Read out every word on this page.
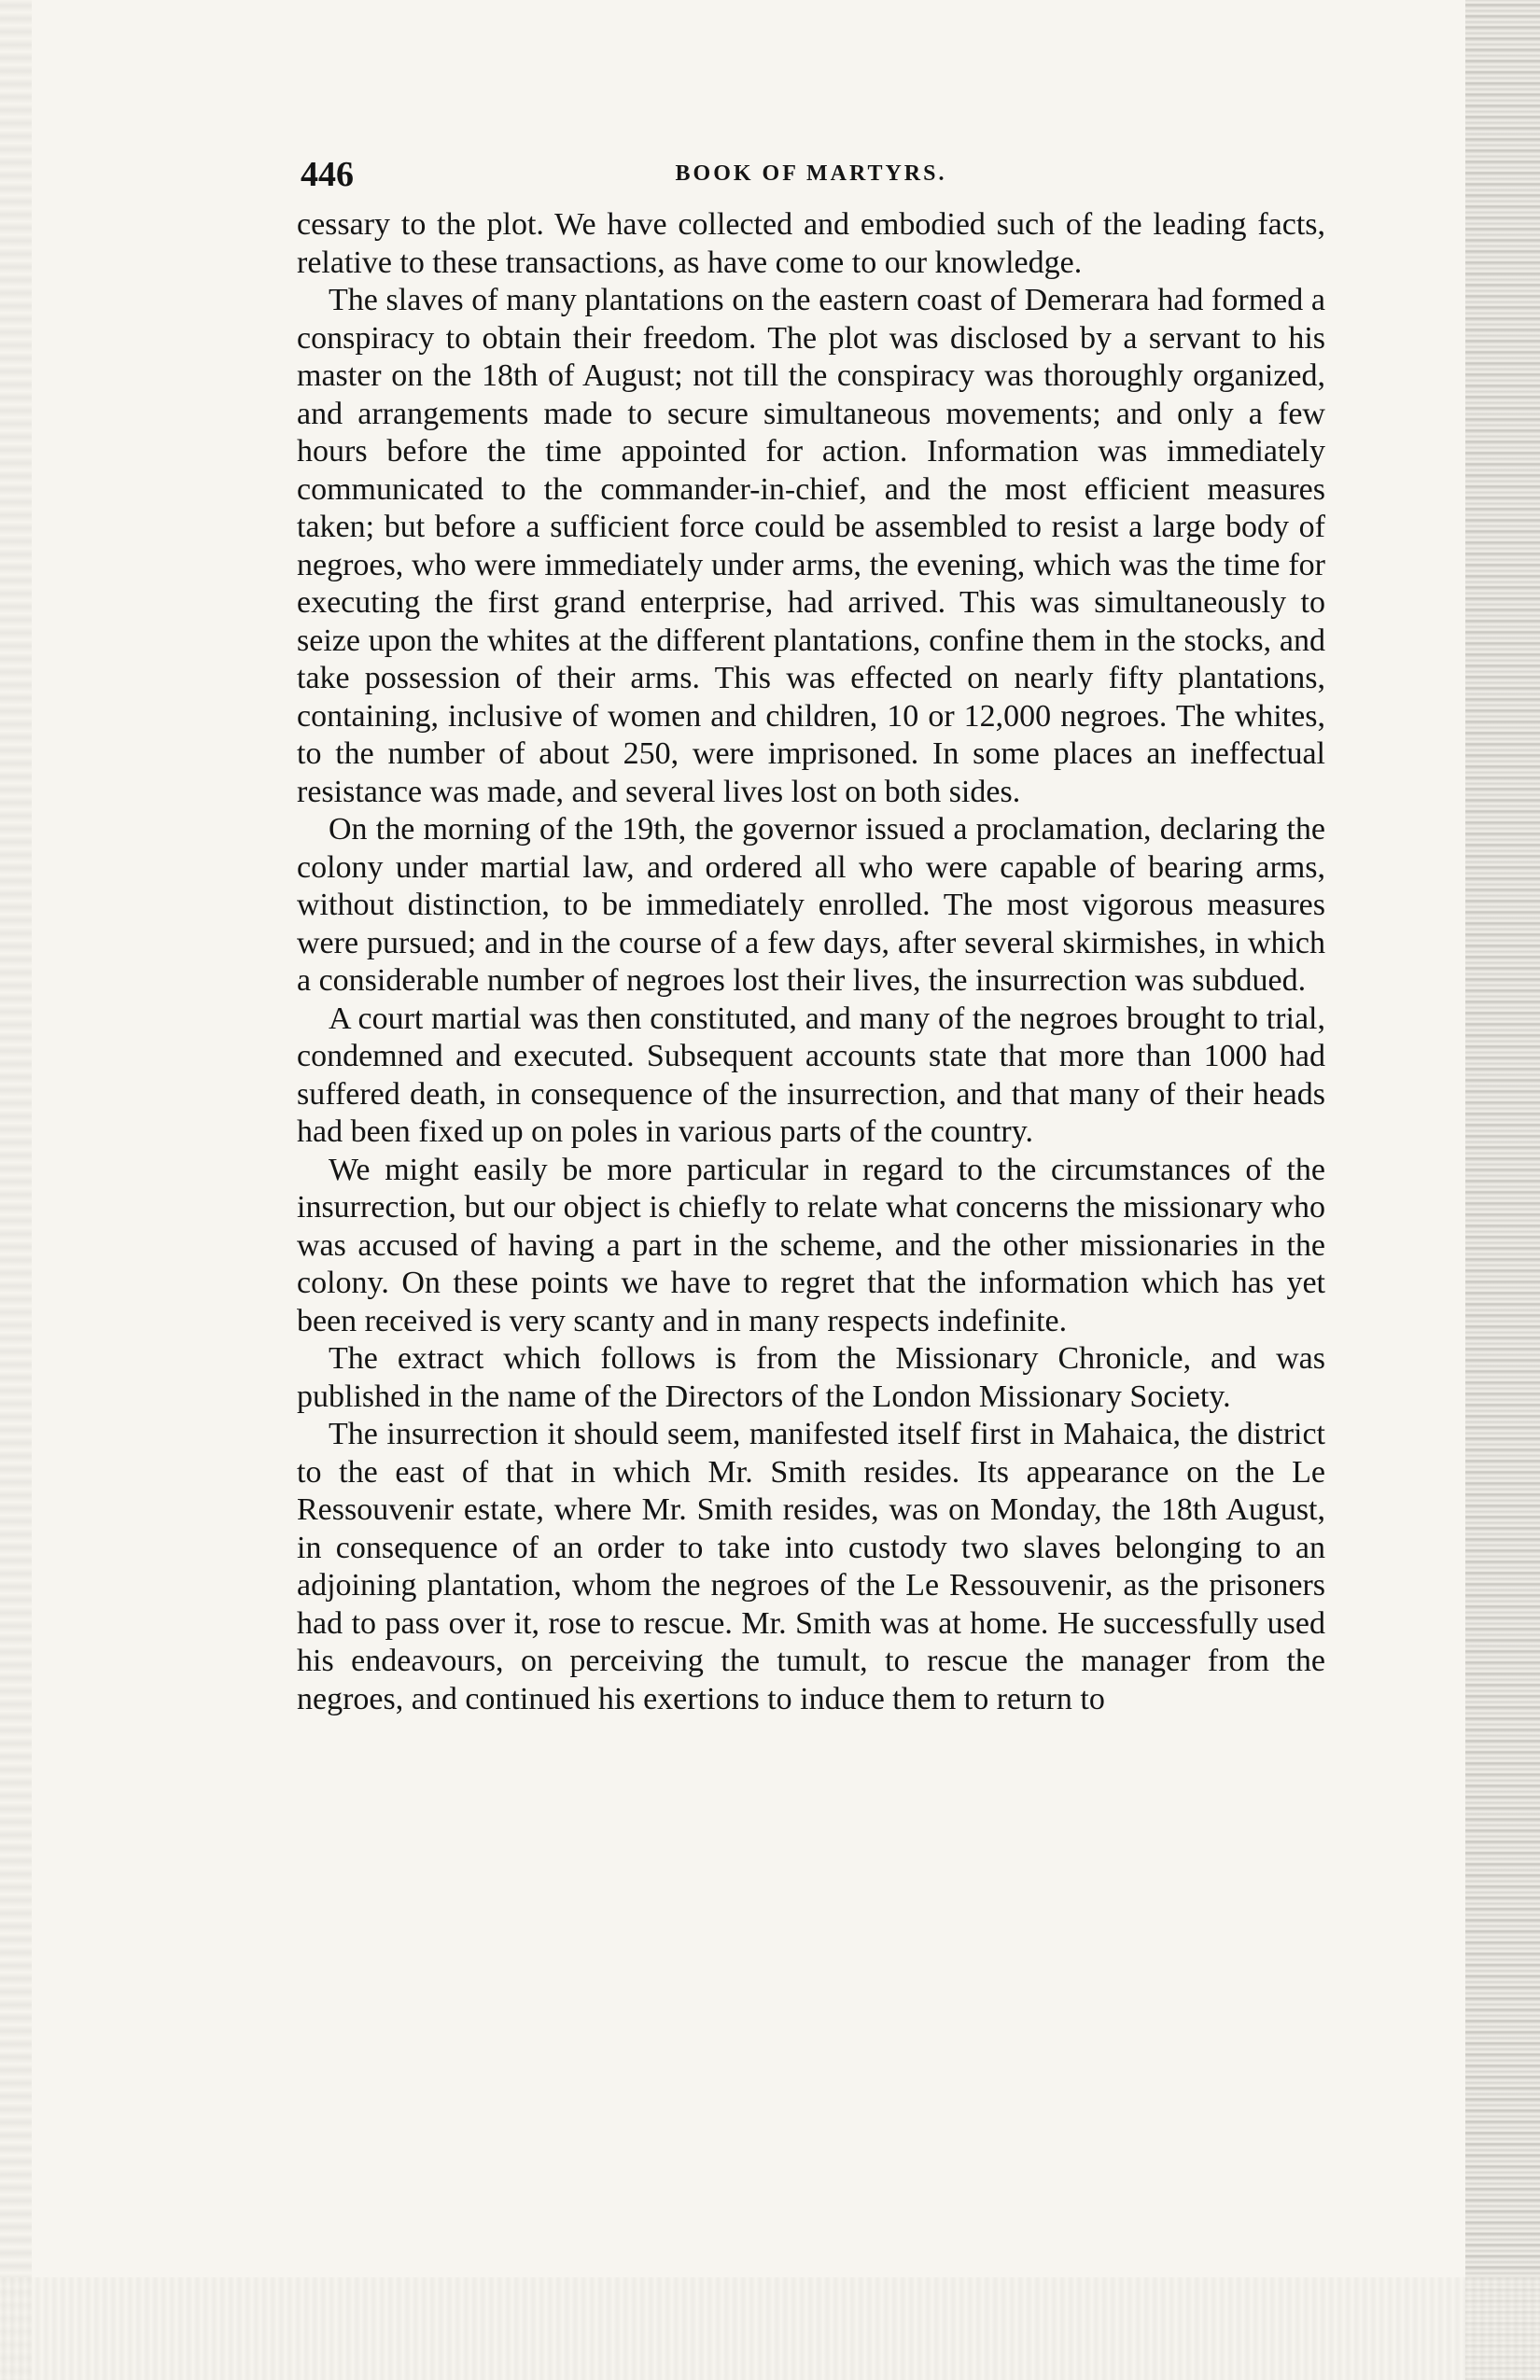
446	BOOK OF MARTYRS.

cessary to the plot. We have collected and embodied such of the leading facts, relative to these transactions, as have come to our knowledge.

The slaves of many plantations on the eastern coast of Demerara had formed a conspiracy to obtain their freedom. The plot was disclosed by a servant to his master on the 18th of August; not till the conspiracy was thoroughly organized, and arrangements made to secure simultaneous movements; and only a few hours before the time appointed for action. Information was immediately communicated to the commander-in-chief, and the most efficient measures taken; but before a sufficient force could be assembled to resist a large body of negroes, who were immediately under arms, the evening, which was the time for executing the first grand enterprise, had arrived. This was simultaneously to seize upon the whites at the different plantations, confine them in the stocks, and take possession of their arms. This was effected on nearly fifty plantations, containing, inclusive of women and children, 10 or 12,000 negroes. The whites, to the number of about 250, were imprisoned. In some places an ineffectual resistance was made, and several lives lost on both sides.

On the morning of the 19th, the governor issued a proclamation, declaring the colony under martial law, and ordered all who were capable of bearing arms, without distinction, to be immediately enrolled. The most vigorous measures were pursued; and in the course of a few days, after several skirmishes, in which a considerable number of negroes lost their lives, the insurrection was subdued.

A court martial was then constituted, and many of the negroes brought to trial, condemned and executed. Subsequent accounts state that more than 1000 had suffered death, in consequence of the insurrection, and that many of their heads had been fixed up on poles in various parts of the country.

We might easily be more particular in regard to the circumstances of the insurrection, but our object is chiefly to relate what concerns the missionary who was accused of having a part in the scheme, and the other missionaries in the colony. On these points we have to regret that the information which has yet been received is very scanty and in many respects indefinite.

The extract which follows is from the Missionary Chronicle, and was published in the name of the Directors of the London Missionary Society.

The insurrection it should seem, manifested itself first in Mahaica, the district to the east of that in which Mr. Smith resides. Its appearance on the Le Ressouvenir estate, where Mr. Smith resides, was on Monday, the 18th August, in consequence of an order to take into custody two slaves belonging to an adjoining plantation, whom the negroes of the Le Ressouvenir, as the prisoners had to pass over it, rose to rescue. Mr. Smith was at home. He successfully used his endeavours, on perceiving the tumult, to rescue the manager from the negroes, and continued his exertions to induce them to return to
